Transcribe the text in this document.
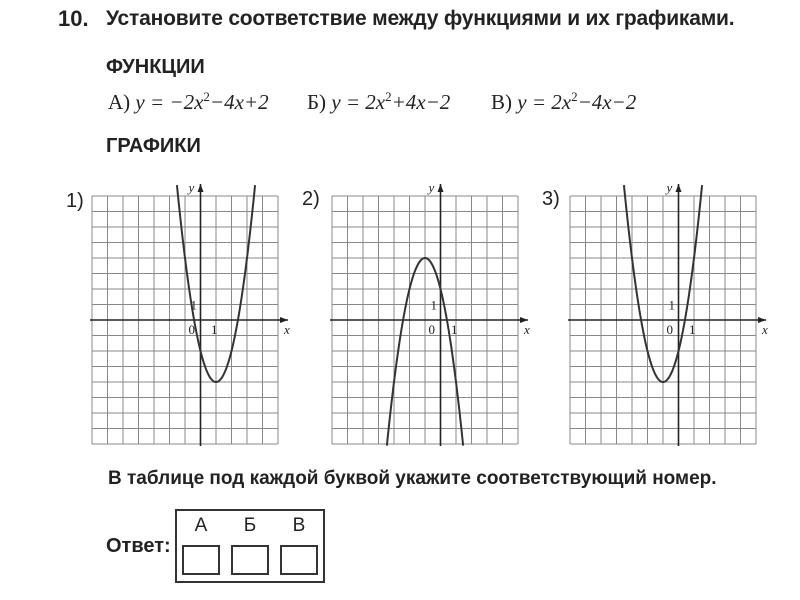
10. Установите соответствие между функциями и их графиками.
ФУНКЦИИ
А) $y = -2x^2-4x+2$ Б) $y = 2x^2+4x-2$ В) $y = 2x^2-4x-2$
ГРАФИКИ
1)	2)	3)
y
x
0 1
1
y
x
0 1
1
y
x
0 1
1
В таблице под каждой буквой укажите соответствующий номер.
Ответ:
А	Б	В
